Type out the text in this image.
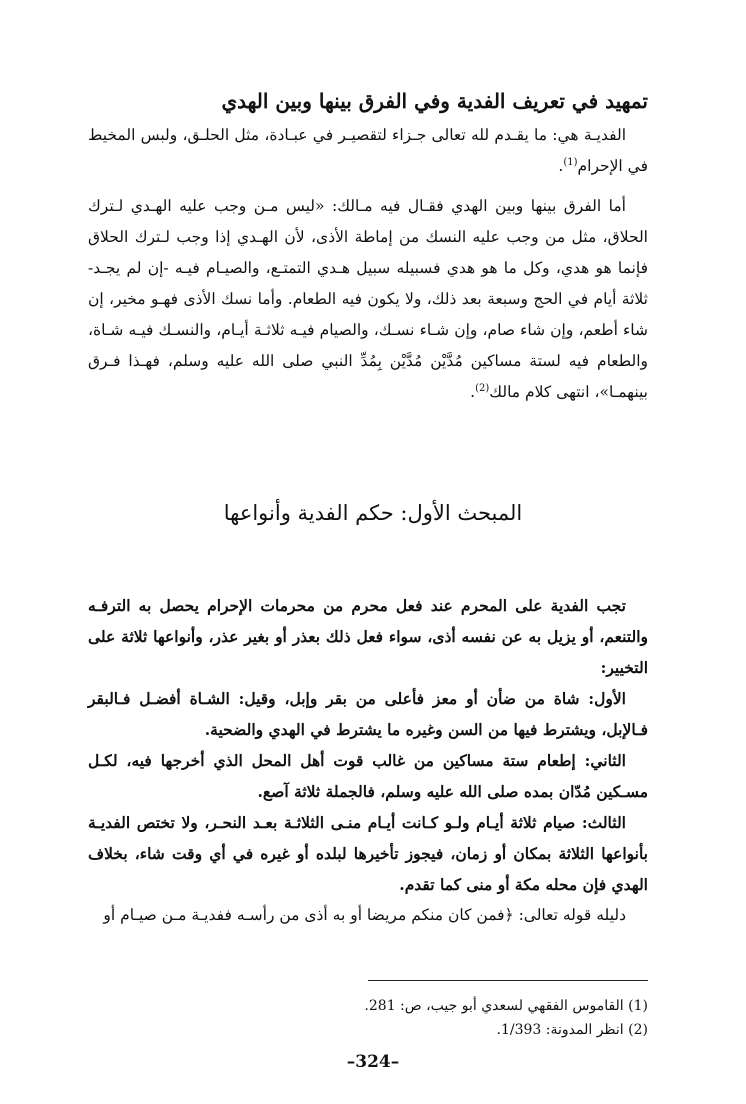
تمهيد في تعريف الفدية وفي الفرق بينها وبين الهدي

الفديـة هي: ما يقـدم لله تعالى جـزاء لتقصيـر في عبـادة، مثل الحلـق، ولبس المخيط في الإحرام$^{(1)}$.

أما الفرق بينها وبين الهدي فقـال فيه مـالك: «ليس مـن وجب عليه الهـدي لـترك الحلاق، مثل من وجب عليه النسك من إماطة الأذى، لأن الهـدي إذا وجب لـترك الحلاق فإنما هو هدي، وكل ما هو هدي فسبيله سبيل هـدي التمتـع، والصيـام فيـه -إن لم يجـد- ثلاثة أيام في الحج وسبعة بعد ذلك، ولا يكون فيه الطعام. وأما نسك الأذى فهـو مخير، إن شاء أطعم، وإن شاء صام، وإن شـاء نسـك، والصيام فيـه ثلاثـة أيـام، والنسـك فيـه شـاة، والطعام فيه لستة مساكين مُدَّيْن مُدَّيْن بِمُدِّ النبي صلى الله عليه وسلم، فهـذا فـرق بينهمـا»، انتهى كلام مالك$^{(2)}$.

المبحث الأول: حكم الفدية وأنواعها

تجب الفدية على المحرم عند فعل محرم من محرمات الإحرام يحصل به الترفـه والتنعم، أو يزيل به عن نفسه أذى، سواء فعل ذلك بعذر أو بغير عذر، وأنواعها ثلاثة على التخيير:

الأول: شاة من ضأن أو معز فأعلى من بقر وإبل، وقيل: الشـاة أفضـل فـالبقر فـالإبل، ويشترط فيها من السن وغيره ما يشترط في الهدي والضحية.

الثاني: إطعام ستة مساكين من غالب قوت أهل المحل الذي أخرجها فيه، لكـل مسـكين مُدّان بمده صلى الله عليه وسلم، فالجملة ثلاثة آصع.

الثالث: صيام ثلاثة أيـام ولـو كـانت أيـام منـى الثلاثـة بعـد النحـر، ولا تختص الفديـة بأنواعها الثلاثة بمكان أو زمان، فيجوز تأخيرها لبلده أو غيره في أي وقت شاء، بخلاف الهدي فإن محله مكة أو منى كما تقدم.

دليله قوله تعالى: ﴿فمن كان منكم مريضا أو به أذى من رأسـه ففديـة مـن صيـام أو

(1) القاموس الفقهي لسعدي أبو جيب، ص: 281.
(2) انظر المدونة: 1/393.
–324–
